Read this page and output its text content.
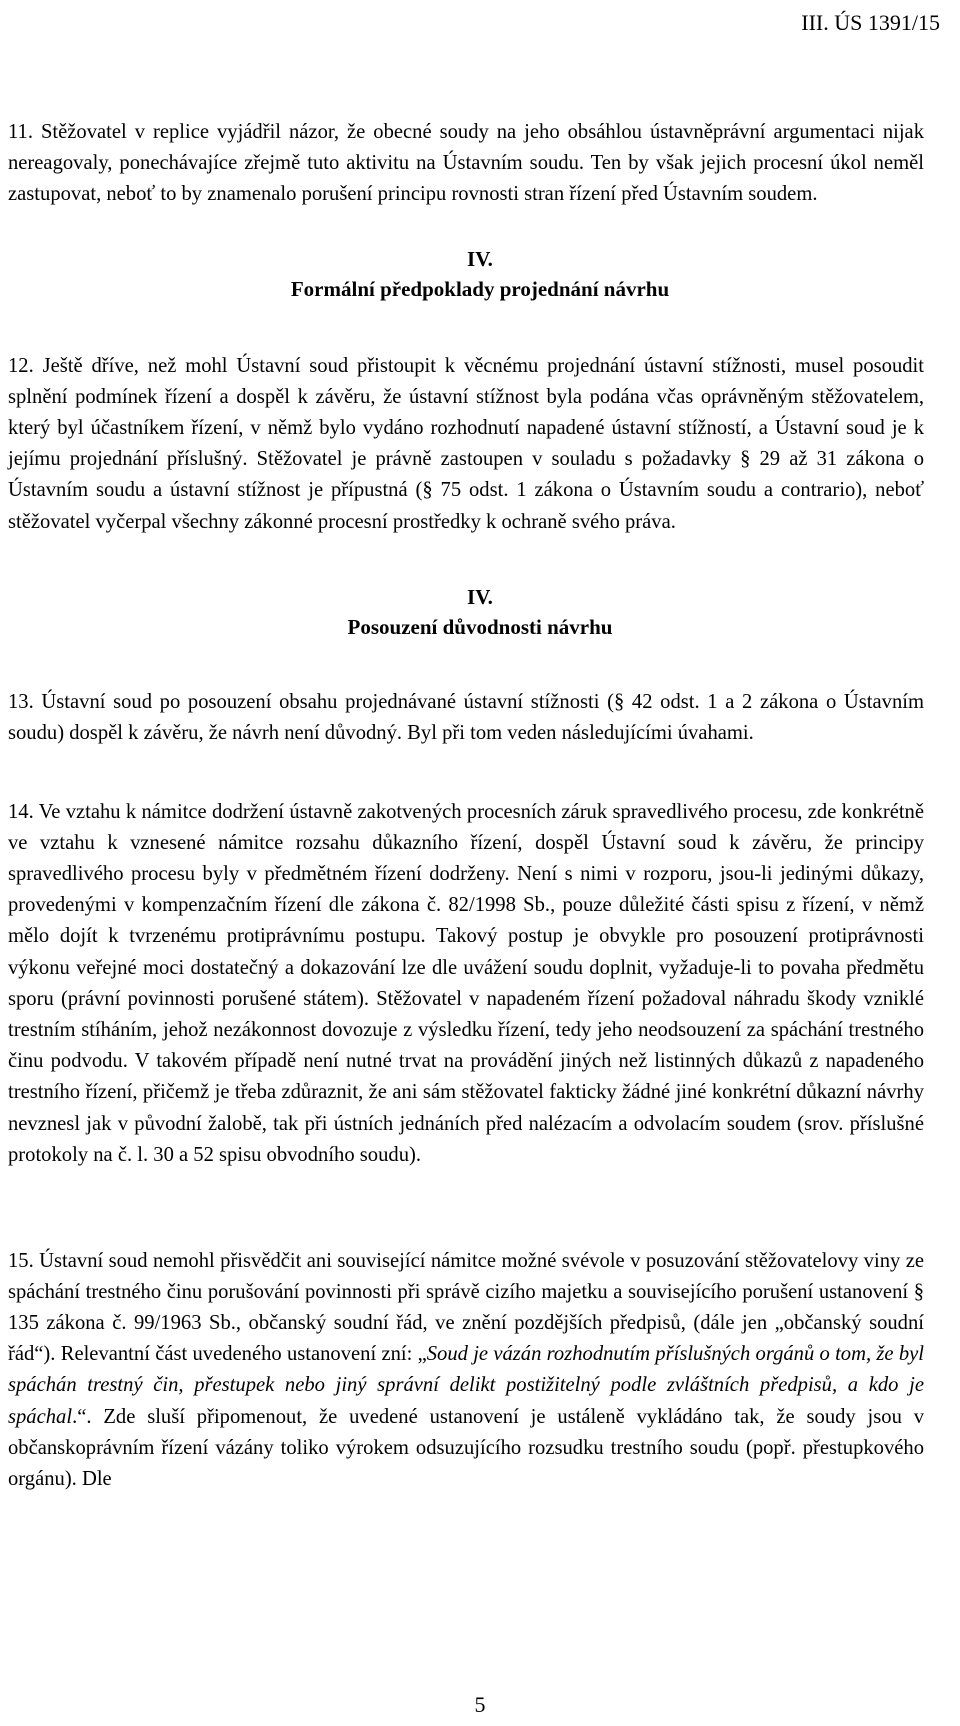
III. ÚS 1391/15

11. Stěžovatel v replice vyjádřil názor, že obecné soudy na jeho obsáhlou ústavněprávní argumentaci nijak nereagovaly, ponechávajíce zřejmě tuto aktivitu na Ústavním soudu. Ten by však jejich procesní úkol neměl zastupovat, neboť to by znamenalo porušení principu rovnosti stran řízení před Ústavním soudem.

IV.
Formální předpoklady projednání návrhu

12. Ještě dříve, než mohl Ústavní soud přistoupit k věcnému projednání ústavní stížnosti, musel posoudit splnění podmínek řízení a dospěl k závěru, že ústavní stížnost byla podána včas oprávněným stěžovatelem, který byl účastníkem řízení, v němž bylo vydáno rozhodnutí napadené ústavní stížností, a Ústavní soud je k jejímu projednání příslušný. Stěžovatel je právně zastoupen v souladu s požadavky § 29 až 31 zákona o Ústavním soudu a ústavní stížnost je přípustná (§ 75 odst. 1 zákona o Ústavním soudu a contrario), neboť stěžovatel vyčerpal všechny zákonné procesní prostředky k ochraně svého práva.

IV.
Posouzení důvodnosti návrhu

13. Ústavní soud po posouzení obsahu projednávané ústavní stížnosti (§ 42 odst. 1 a 2 zákona o Ústavním soudu) dospěl k závěru, že návrh není důvodný. Byl při tom veden následujícími úvahami.

14. Ve vztahu k námitce dodržení ústavně zakotvených procesních záruk spravedlivého procesu, zde konkrétně ve vztahu k vznesené námitce rozsahu důkazního řízení, dospěl Ústavní soud k závěru, že principy spravedlivého procesu byly v předmětném řízení dodrženy. Není s nimi v rozporu, jsou-li jedinými důkazy, provedenými v kompenzačním řízení dle zákona č. 82/1998 Sb., pouze důležité části spisu z řízení, v němž mělo dojít k tvrzenému protiprávnímu postupu. Takový postup je obvykle pro posouzení protiprávnosti výkonu veřejné moci dostatečný a dokazování lze dle uvážení soudu doplnit, vyžaduje-li to povaha předmětu sporu (právní povinnosti porušené státem). Stěžovatel v napadeném řízení požadoval náhradu škody vzniklé trestním stíháním, jehož nezákonnost dovozuje z výsledku řízení, tedy jeho neodsouzení za spáchání trestného činu podvodu. V takovém případě není nutné trvat na provádění jiných než listinných důkazů z napadeného trestního řízení, přičemž je třeba zdůraznit, že ani sám stěžovatel fakticky žádné jiné konkrétní důkazní návrhy nevznesl jak v původní žalobě, tak při ústních jednáních před nalézacím a odvolacím soudem (srov. příslušné protokoly na č. l. 30 a 52 spisu obvodního soudu).

15. Ústavní soud nemohl přisvědčit ani související námitce možné svévole v posuzování stěžovatelovy viny ze spáchání trestného činu porušování povinnosti při správě cizího majetku a souvisejícího porušení ustanovení § 135 zákona č. 99/1963 Sb., občanský soudní řád, ve znění pozdějších předpisů, (dále jen „občanský soudní řád“). Relevantní část uvedeného ustanovení zní: „Soud je vázán rozhodnutím příslušných orgánů o tom, že byl spáchán trestný čin, přestupek nebo jiný správní delikt postižitelný podle zvláštních předpisů, a kdo je spáchal.“. Zde sluší připomenout, že uvedené ustanovení je ustáleně vykládáno tak, že soudy jsou v občanskoprávním řízení vázány toliko výrokem odsuzujícího rozsudku trestního soudu (popř. přestupkového orgánu). Dle

5
